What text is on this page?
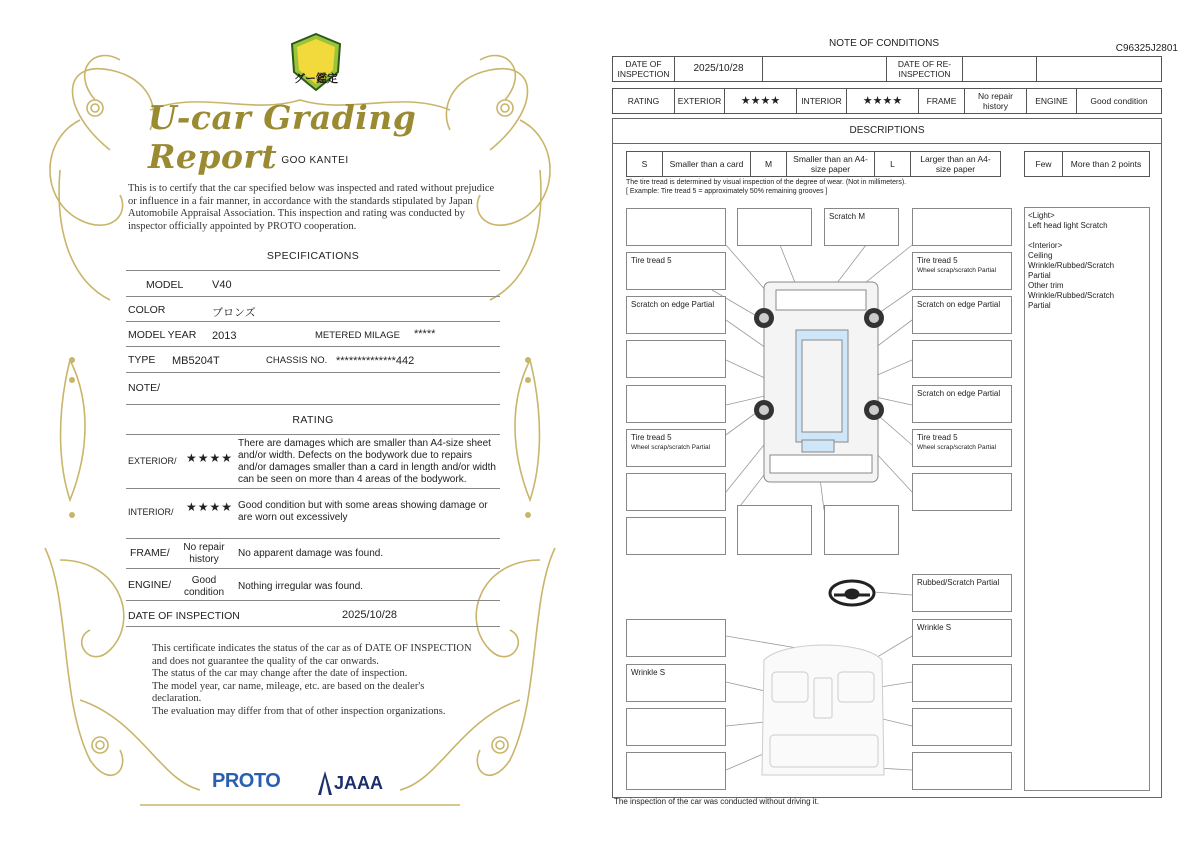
グー鑑定
U-car Grading Report GOO KANTEI
This is to certify that the car specified below was inspected and rated without prejudice or influence in a fair manner, in accordance with the standards stipulated by Japan Automobile Appraisal Association. This inspection and rating was conducted by inspector officially appointed by PROTO cooperation.
SPECIFICATIONS
MODEL	V40
COLOR	ブロンズ
MODEL YEAR 2013	METERED MILAGE *****
TYPE MB5204T	CHASSIS NO. **************442
NOTE/
RATING
EXTERIOR/ ★★★★
There are damages which are smaller than A4-size sheet and/or width. Defects on the bodywork due to repairs and/or damages smaller than a card in length and/or width can be seen on more than 4 areas of the bodywork.
INTERIOR/ ★★★★ Good condition but with some areas showing damage or are worn out excessively
FRAME/	No repair history
No apparent damage was found.
ENGINE/	Good condition
Nothing irregular was found.
DATE OF INSPECTION	2025/10/28
This certificate indicates the status of the car as of DATE OF INSPECTION and does not guarantee the quality of the car onwards.
The status of the car may change after the date of inspection.
The model year, car name, mileage, etc. are based on the dealer's declaration.
The evaluation may differ from that of other inspection organizations.
PROTO	JAAA
NOTE OF CONDITIONS	C96325J2801
DATE OF INSPECTION	2025/10/28		DATE OF RE-INSPECTION		
RATING	EXTERIOR	★★★★	INTERIOR	★★★★	FRAME	No repair history	ENGINE	Good condition
DESCRIPTIONS
S	Smaller than a card	M	Smaller than an A4-size paper	L	Larger than an A4-size paper	Few	More than 2 points
The tire tread is determined by visual inspection of the degree of wear. (Not in millimeters).
[ Example: Tire tread 5 = approximately 50% remaining grooves ]
Scratch M
Tire tread 5	Tire tread 5
Wheel scrap/scratch Partial
Scratch on edge Partial	Scratch on edge Partial
Scratch on edge Partial
Tire tread 5
Wheel scrap/scratch Partial
Tire tread 5
Wheel scrap/scratch Partial
Rubbed/Scratch Partial
Wrinkle S
Wrinkle S
<Light>
Left head light Scratch

<Interior>
Ceiling
Wrinkle/Rubbed/Scratch
Partial
Other trim
Wrinkle/Rubbed/Scratch
Partial
The inspection of the car was conducted without driving it.
